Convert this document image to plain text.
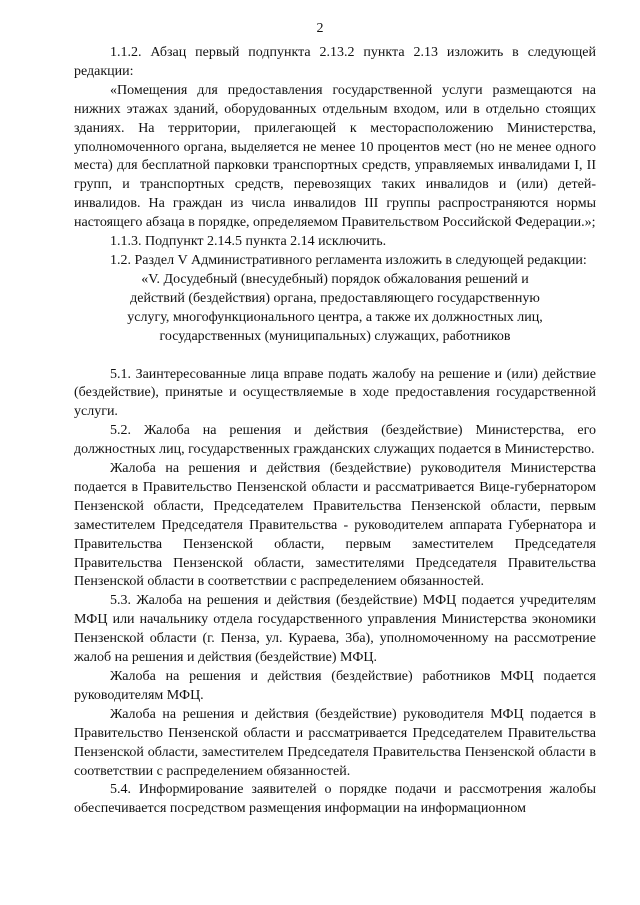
2

1.1.2. Абзац первый подпункта 2.13.2 пункта 2.13 изложить в следующей редакции:

«Помещения для предоставления государственной услуги размещаются на нижних этажах зданий, оборудованных отдельным входом, или в отдельно стоящих зданиях. На территории, прилегающей к месторасположению Министерства, уполномоченного органа, выделяется не менее 10 процентов мест (но не менее одного места) для бесплатной парковки транспортных средств, управляемых инвалидами I, II групп, и транспортных средств, перевозящих таких инвалидов и (или) детей-инвалидов. На граждан из числа инвалидов III группы распространяются нормы настоящего абзаца в порядке, определяемом Правительством Российской Федерации.»;

1.1.3. Подпункт 2.14.5 пункта 2.14 исключить.

1.2. Раздел V Административного регламента изложить в следующей редакции:

«V. Досудебный (внесудебный) порядок обжалования решений и действий (бездействия) органа, предоставляющего государственную услугу, многофункционального центра, а также их должностных лиц, государственных (муниципальных) служащих, работников

5.1. Заинтересованные лица вправе подать жалобу на решение и (или) действие (бездействие), принятые и осуществляемые в ходе предоставления государственной услуги.

5.2. Жалоба на решения и действия (бездействие) Министерства, его должностных лиц, государственных гражданских служащих подается в Министерство.

Жалоба на решения и действия (бездействие) руководителя Министерства подается в Правительство Пензенской области и рассматривается Вице-губернатором Пензенской области, Председателем Правительства Пензенской области, первым заместителем Председателя Правительства - руководителем аппарата Губернатора и Правительства Пензенской области, первым заместителем Председателя Правительства Пензенской области, заместителями Председателя Правительства Пензенской области в соответствии с распределением обязанностей.

5.3. Жалоба на решения и действия (бездействие) МФЦ подается учредителям МФЦ или начальнику отдела государственного управления Министерства экономики Пензенской области (г. Пенза, ул. Кураева, 3ба), уполномоченному на рассмотрение жалоб на решения и действия (бездействие) МФЦ.

Жалоба на решения и действия (бездействие) работников МФЦ подается руководителям МФЦ.

Жалоба на решения и действия (бездействие) руководителя МФЦ подается в Правительство Пензенской области и рассматривается Председателем Правительства Пензенской области, заместителем Председателя Правительства Пензенской области в соответствии с распределением обязанностей.

5.4. Информирование заявителей о порядке подачи и рассмотрения жалобы обеспечивается посредством размещения информации на информационном
